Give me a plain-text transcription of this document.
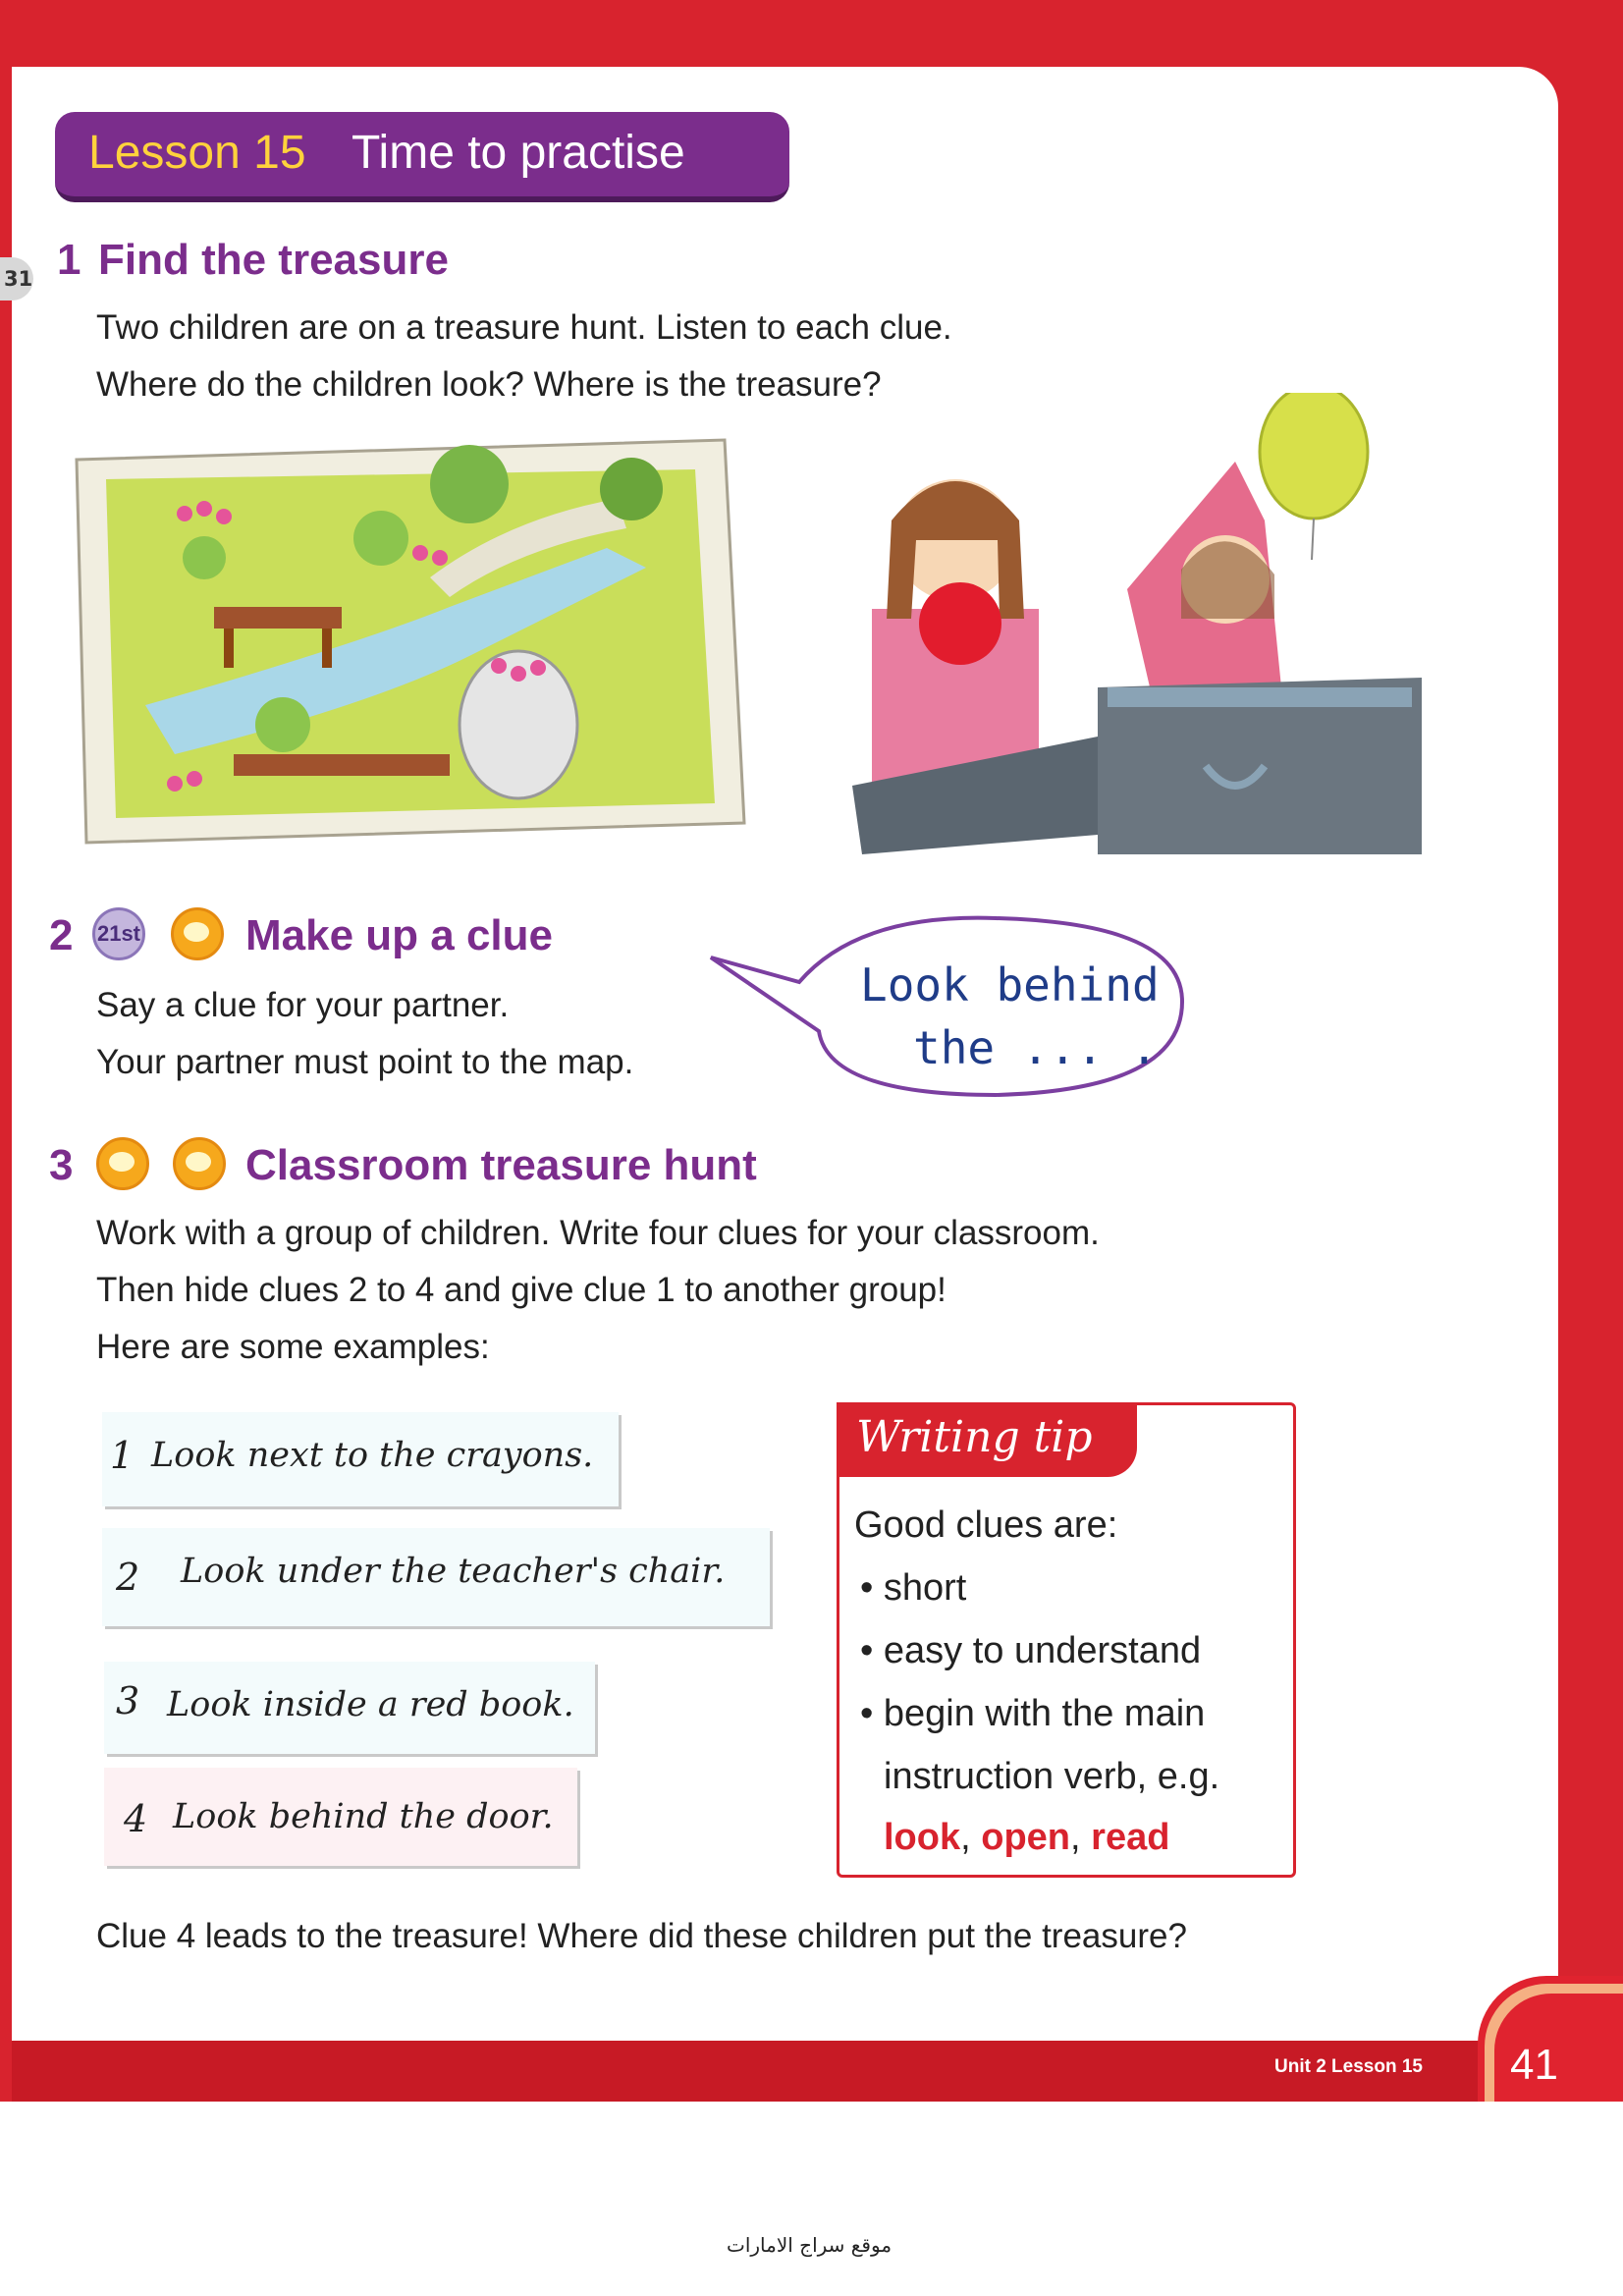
Unit 2 Lesson 15 41
Lesson 15 Time to practise
31 1 Find the treasure
Two children are on a treasure hunt. Listen to each clue.
Where do the children look? Where is the treasure?
2 21st Make up a clue
Say a clue for your partner.
Your partner must point to the map.
Look behind
the ... .
3	Classroom treasure hunt
Work with a group of children. Write four clues for your classroom.
Then hide clues 2 to 4 and give clue 1 to another group!
Here are some examples:
1 Look next to the crayons.
2 Look under the teacher's chair.
3 Look inside a red book.
4 Look behind the door.
Writing tip
Good clues are:
• short
• easy to understand
• begin with the main
instruction verb, e.g.
look, open, read
Clue 4 leads to the treasure! Where did these children put the treasure?
موقع سراج الامارات
